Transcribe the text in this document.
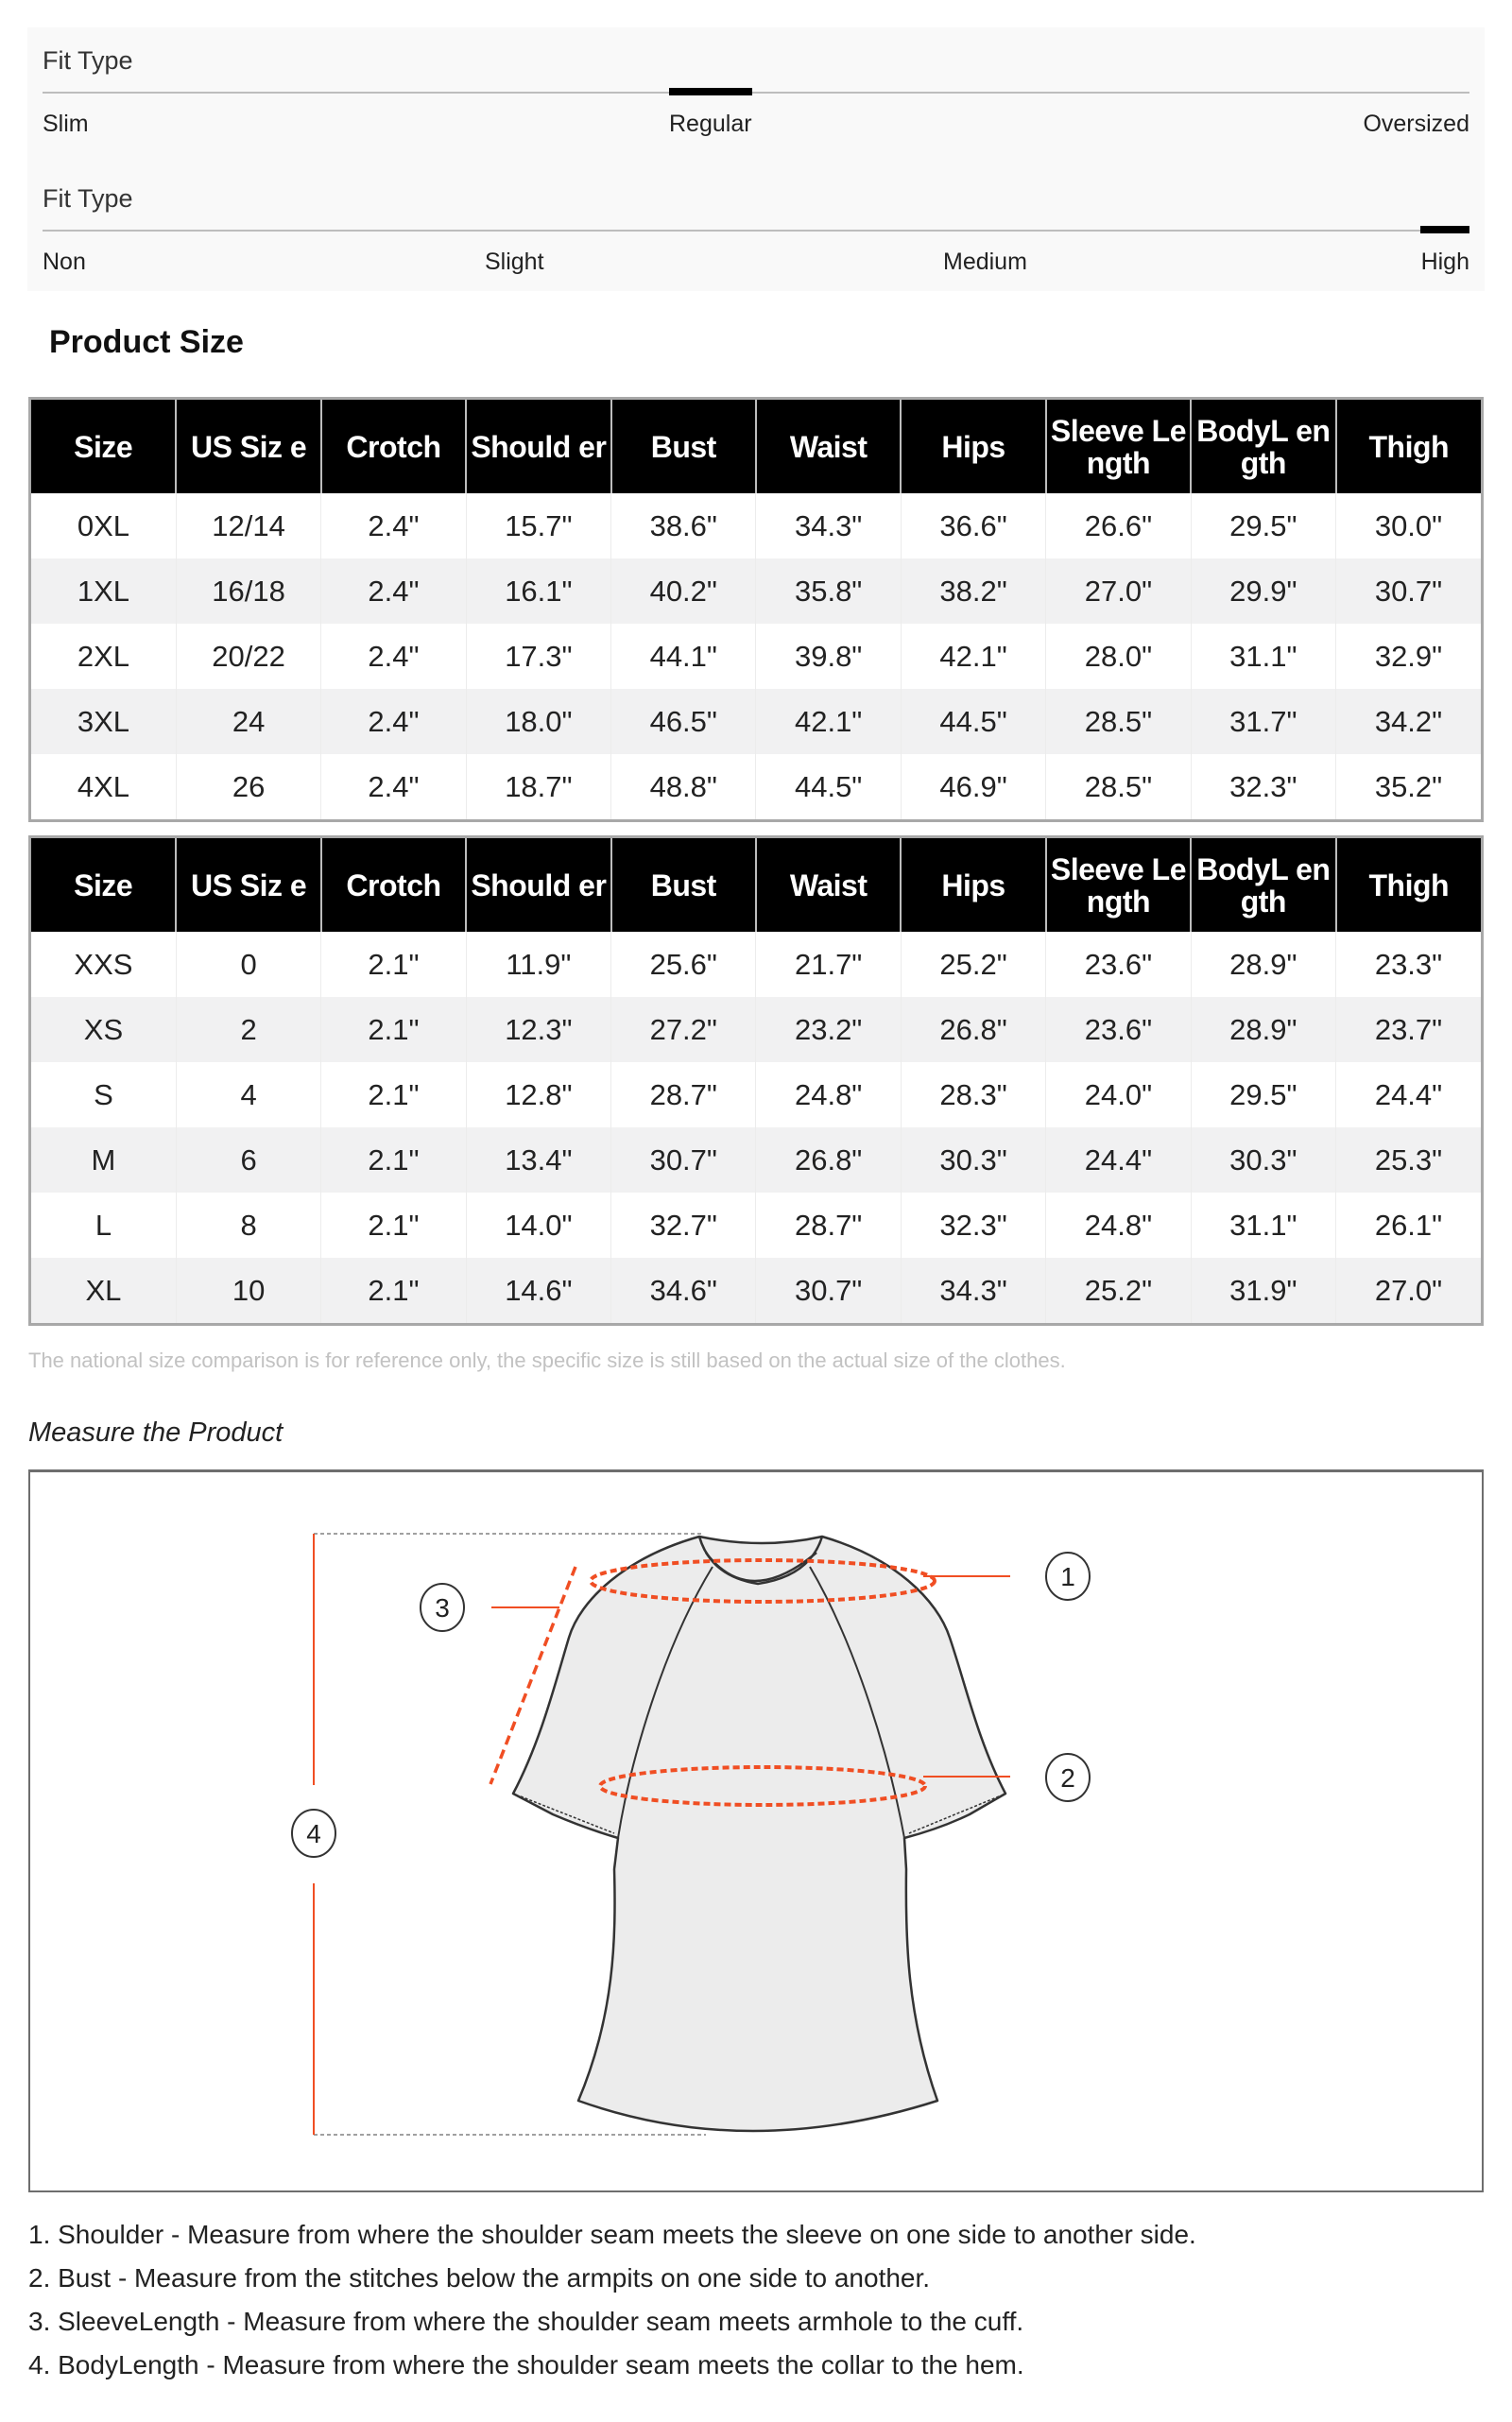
Fit Type
Slim	Regular	Oversized
Fit Type
Non	Slight	Medium	High
Product Size
Size	US Siz e	Crotch	Should er	Bust	Waist	Hips	Sleeve Length	BodyL ength	Thigh
0XL	12/14	2.4"	15.7"	38.6"	34.3"	36.6"	26.6"	29.5"	30.0"
1XL	16/18	2.4"	16.1"	40.2"	35.8"	38.2"	27.0"	29.9"	30.7"
2XL	20/22	2.4"	17.3"	44.1"	39.8"	42.1"	28.0"	31.1"	32.9"
3XL	24	2.4"	18.0"	46.5"	42.1"	44.5"	28.5"	31.7"	34.2"
4XL	26	2.4"	18.7"	48.8"	44.5"	46.9"	28.5"	32.3"	35.2"
Size	US Siz e	Crotch	Should er	Bust	Waist	Hips	Sleeve Length	BodyL ength	Thigh
XXS	0	2.1"	11.9"	25.6"	21.7"	25.2"	23.6"	28.9"	23.3"
XS	2	2.1"	12.3"	27.2"	23.2"	26.8"	23.6"	28.9"	23.7"
S	4	2.1"	12.8"	28.7"	24.8"	28.3"	24.0"	29.5"	24.4"
M	6	2.1"	13.4"	30.7"	26.8"	30.3"	24.4"	30.3"	25.3"
L	8	2.1"	14.0"	32.7"	28.7"	32.3"	24.8"	31.1"	26.1"
XL	10	2.1"	14.6"	34.6"	30.7"	34.3"	25.2"	31.9"	27.0"
The national size comparison is for reference only, the specific size is still based on the actual size of the clothes.
Measure the Product
1
2
3
4
1. Shoulder - Measure from where the shoulder seam meets the sleeve on one side to another side.
2. Bust - Measure from the stitches below the armpits on one side to another.
3. SleeveLength - Measure from where the shoulder seam meets armhole to the cuff.
4. BodyLength - Measure from where the shoulder seam meets the collar to the hem.
